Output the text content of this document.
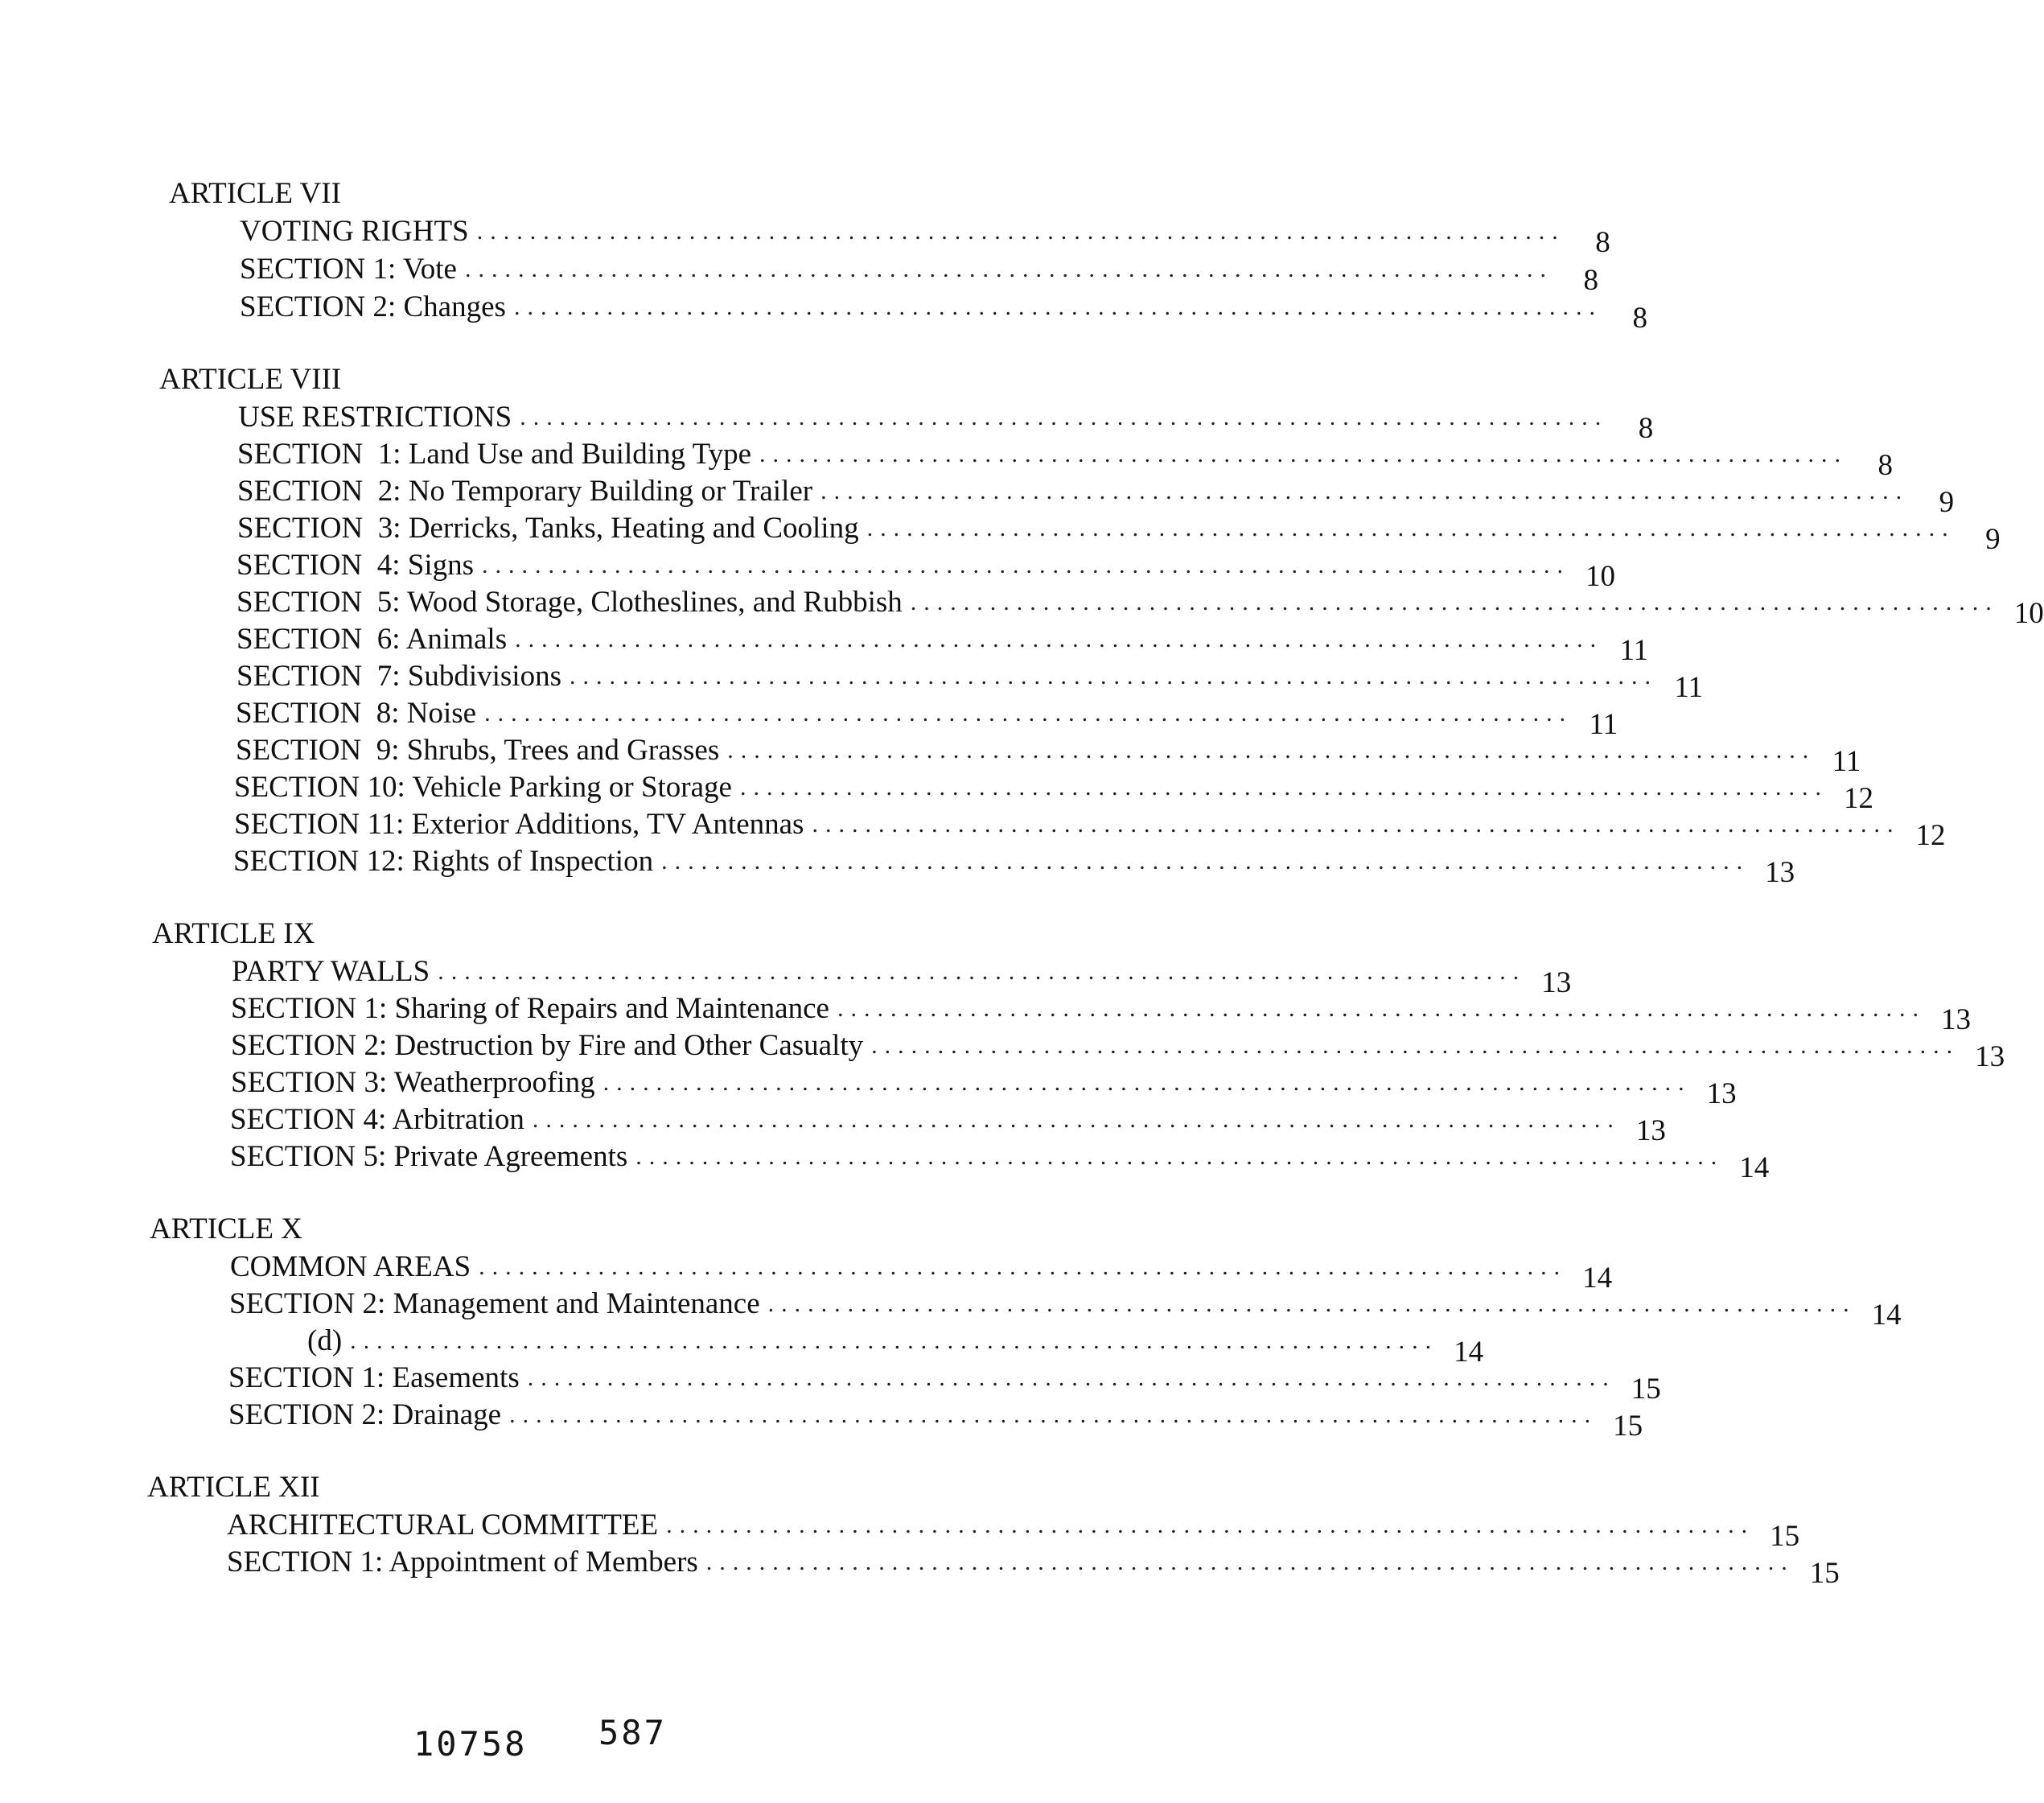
ARTICLE VII
VOTING RIGHTS ..................................................................................	8
SECTION 1: Vote ..................................................................................	8
SECTION 2: Changes ..................................................................................	8
ARTICLE VIII
USE RESTRICTIONS ..................................................................................	8
SECTION  1: Land Use and Building Type ..................................................................................	8
SECTION  2: No Temporary Building or Trailer ..................................................................................	9
SECTION  3: Derricks, Tanks, Heating and Cooling ..................................................................................	9
SECTION  4: Signs .................................................................................. 10
SECTION  5: Wood Storage, Clotheslines, and Rubbish .................................................................................. 10
SECTION  6: Animals .................................................................................. 11
SECTION  7: Subdivisions .................................................................................. 11
SECTION  8: Noise .................................................................................. 11
SECTION  9: Shrubs, Trees and Grasses .................................................................................. 11
SECTION 10: Vehicle Parking or Storage .................................................................................. 12
SECTION 11: Exterior Additions, TV Antennas .................................................................................. 12
SECTION 12: Rights of Inspection .................................................................................. 13
ARTICLE IX
PARTY WALLS .................................................................................. 13
SECTION 1: Sharing of Repairs and Maintenance .................................................................................. 13
SECTION 2: Destruction by Fire and Other Casualty .................................................................................. 13
SECTION 3: Weatherproofing .................................................................................. 13
SECTION 4: Arbitration .................................................................................. 13
SECTION 5: Private Agreements .................................................................................. 14
ARTICLE X
COMMON AREAS .................................................................................. 14
SECTION 2: Management and Maintenance .................................................................................. 14
(d) .................................................................................. 14
SECTION 1: Easements .................................................................................. 15
SECTION 2: Drainage .................................................................................. 15
ARTICLE XII
ARCHITECTURAL COMMITTEE .................................................................................. 15
SECTION 1: Appointment of Members .................................................................................. 15
10758 587
